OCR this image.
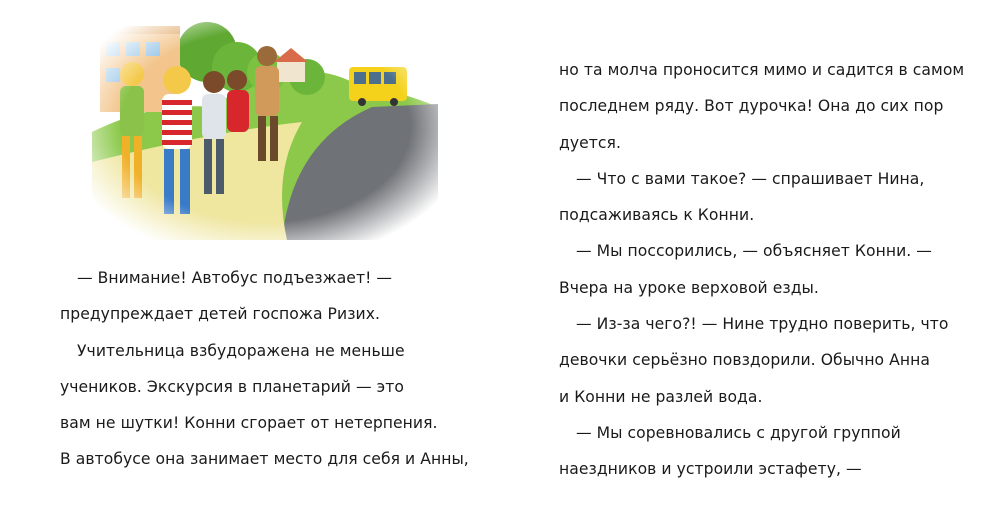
— Внимание! Автобус подъезжает! —
предупреждает детей госпожа Ризих.
Учительница взбудоражена не меньше
учеников. Экскурсия в планетарий — это
вам не шутки! Конни сгорает от нетерпения.
В автобусе она занимает место для себя и Анны,
но та молча проносится мимо и садится в самом
последнем ряду. Вот дурочка! Она до сих пор
дуется.
— Что с вами такое? — спрашивает Нина,
подсаживаясь к Конни.
— Мы поссорились, — объясняет Конни. —
Вчера на уроке верховой езды.
— Из-за чего?! — Нине трудно поверить, что
девочки серьёзно повздорили. Обычно Анна
и Конни не разлей вода.
— Мы соревновались с другой группой
наездников и устроили эстафету, —
